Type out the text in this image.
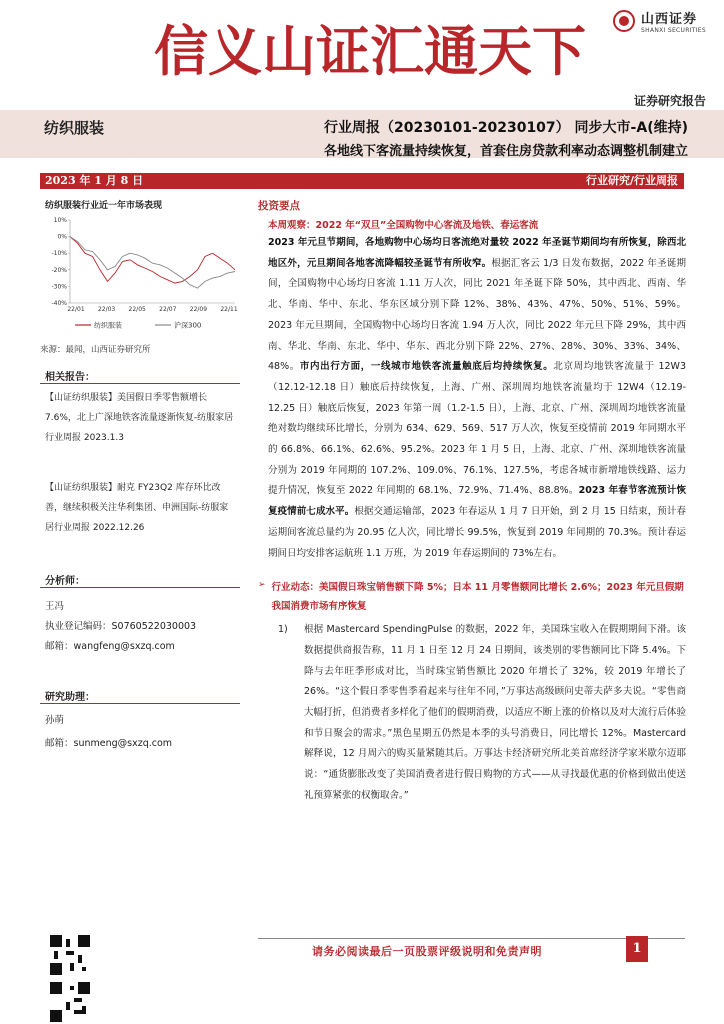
信义山证汇通天下	山西证券
SHANXI SECURITIES
证券研究报告
纺织服装	行业周报（20230101-20230107） 同步大市-A(维持)
各地线下客流量持续恢复，首套住房贷款利率动态调整机制建立
2023 年 1 月 8 日	行业研究/行业周报
纺织服装行业近一年市场表现
10%
0%
-10%
-20%
-30%
-40%
22/01 22/03 22/05 22/07 22/09 22/11
纺织服装	沪深300
来源：最闻，山西证券研究所
相关报告：
【山证纺织服装】美国假日季零售额增长 7.6%，北上广深地铁客流量逐渐恢复-纺服家居行业周报 2023.1.3
【山证纺织服装】耐克 FY23Q2 库存环比改善，继续积极关注华利集团、申洲国际-纺服家居行业周报 2022.12.26
分析师：
王冯
执业登记编码：S0760522030003
邮箱：wangfeng@sxzq.com
研究助理：
孙萌
邮箱：sunmeng@sxzq.com
投资要点
本周观察：2022 年“双旦”全国购物中心客流及地铁、春运客流

2023 年元旦节期间，各地购物中心场均日客流绝对量较 2022 年圣诞节期间均有所恢复，除西北地区外，元旦期间各地客流降幅较圣诞节有所收窄。根据汇客云 1/3 日发布数据，2022 年圣诞期间，全国购物中心场均日客流 1.11 万人次，同比 2021 年圣诞下降 50%，其中西北、西南、华北、华南、华中、东北、华东区域分别下降 12%、38%、43%、47%、50%、51%、59%。2023 年元旦期间，全国购物中心场均日客流 1.94 万人次，同比 2022 年元旦下降 29%，其中西南、华北、华南、东北、华中、华东、西北分别下降 22%、27%、28%、30%、33%、34%、48%。市内出行方面，一线城市地铁客流量触底后均持续恢复。北京周均地铁客流量于 12W3（12.12-12.18 日）触底后持续恢复，上海、广州、深圳周均地铁客流量均于 12W4（12.19-12.25 日）触底后恢复，2023 年第一周（1.2-1.5 日），上海、北京、广州、深圳周均地铁客流量绝对数均继续环比增长，分别为 634、629、569、517 万人次，恢复至疫情前 2019 年同期水平的 66.8%、66.1%、62.6%、95.2%。2023 年 1 月 5 日，上海、北京、广州、深圳地铁客流量分别为 2019 年同期的 107.2%、109.0%、76.1%、127.5%，考虑各城市新增地铁线路、运力提升情况，恢复至 2022 年同期的 68.1%、72.9%、71.4%、88.8%。2023 年春节客流预计恢复疫情前七成水平。根据交通运输部，2023 年春运从 1 月 7 日开始，到 2 月 15 日结束，预计春运期间客流总量约为 20.95 亿人次，同比增长 99.5%，恢复到 2019 年同期的 70.3%。预计春运期间日均安排客运航班 1.1 万班，为 2019 年春运期间的 73%左右。

➢ 行业动态：美国假日珠宝销售额下降 5%；日本 11 月零售额同比增长 2.6%；2023 年元旦假期我国消费市场有序恢复
1)	根据 Mastercard SpendingPulse 的数据，2022 年，美国珠宝收入在假期期间下滑。该数据提供商报告称，11 月 1 日至 12 月 24 日期间，该类别的零售额同比下降 5.4%。下降与去年旺季形成对比，当时珠宝销售额比 2020 年增长了 32%，较 2019 年增长了 26%。“这个假日季零售季看起来与往年不同，”万事达高级顾问史蒂夫萨多夫说。“零售商大幅打折，但消费者多样化了他们的假期消费，以适应不断上涨的价格以及对大流行后体验和节日聚会的需求。”黑色星期五仍然是本季的头号消费日，同比增长 12%。Mastercard 解释说，12 月周六的购买量紧随其后。万事达卡经济研究所北美首席经济学家米歇尔迈耶说：“通货膨胀改变了美国消费者进行假日购物的方式——从寻找最优惠的价格到做出使送礼预算紧张的权衡取舍。”

请务必阅读最后一页股票评级说明和免责声明	1
